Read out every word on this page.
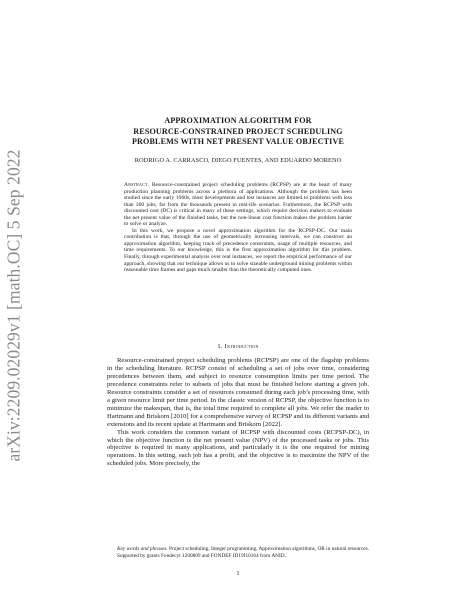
arXiv:2209.02029v1 [math.OC] 5 Sep 2022
APPROXIMATION ALGORITHM FOR
RESOURCE-CONSTRAINED PROJECT SCHEDULING
PROBLEMS WITH NET PRESENT VALUE OBJECTIVE
RODRIGO A. CARRASCO, DIEGO FUENTES, AND EDUARDO MORENO

Abstract. Resource-constrained project scheduling problems (RCPSP) are at the heart of many production planning problems across a plethora of applications. Although the problem has been studied since the early 1960s, most developments and test instances are limited to problems with less than 300 jobs, far from the thousands present in real-life scenarios. Furthermore, the RCPSP with discounted cost (DC) is critical in many of these settings, which require decision makers to evaluate the net present value of the finished tasks, but the non-linear cost function makes the problem harder to solve or analyze.

In this work, we propose a novel approximation algorithm for the RCPSP-DC. Our main contribution is that, through the use of geometrically increasing intervals, we can construct an approximation algorithm, keeping track of precedence constraints, usage of multiple resources, and time requirements. To our knowledge, this is the first approximation algorithm for this problem. Finally, through experimental analysis over real instances, we report the empirical performance of our approach, showing that our technique allows us to solve sizeable underground mining problems within reasonable time frames and gaps much smaller than the theoretically computed ones.

1. Introduction

Resource-constrained project scheduling problems (RCPSP) are one of the flagship problems in the scheduling literature. RCPSP consist of scheduling a set of jobs over time, considering precedences between them, and subject to resource consumption limits per time period. The precedence constraints refer to subsets of jobs that must be finished before starting a given job. Resource constraints consider a set of resources consumed during each job’s processing time, with a given resource limit per time period. In the classic version of RCPSP, the objective function is to minimize the makespan, that is, the total time required to complete all jobs. We refer the reader to Hartmann and Briskorn [2010] for a comprehensive survey of RCPSP and its different variants and extensions and its recent update at Hartmann and Briskorn [2022].

This work considers the common variant of RCPSP with discounted costs (RCPSP-DC), in which the objective function is the net present value (NPV) of the processed tasks or jobs. This objective is required in many applications, and particularly it is the one required for mining operations. In this setting, each job has a profit, and the objective is to maximize the NPV of the scheduled jobs. More precisely, the

Key words and phrases. Project scheduling, Integer programming, Approximation algorithms, OR in natural resources.

Supported by grants Fondecyt 1200809 and FONDEF ID19I10164 from ANID..

1
